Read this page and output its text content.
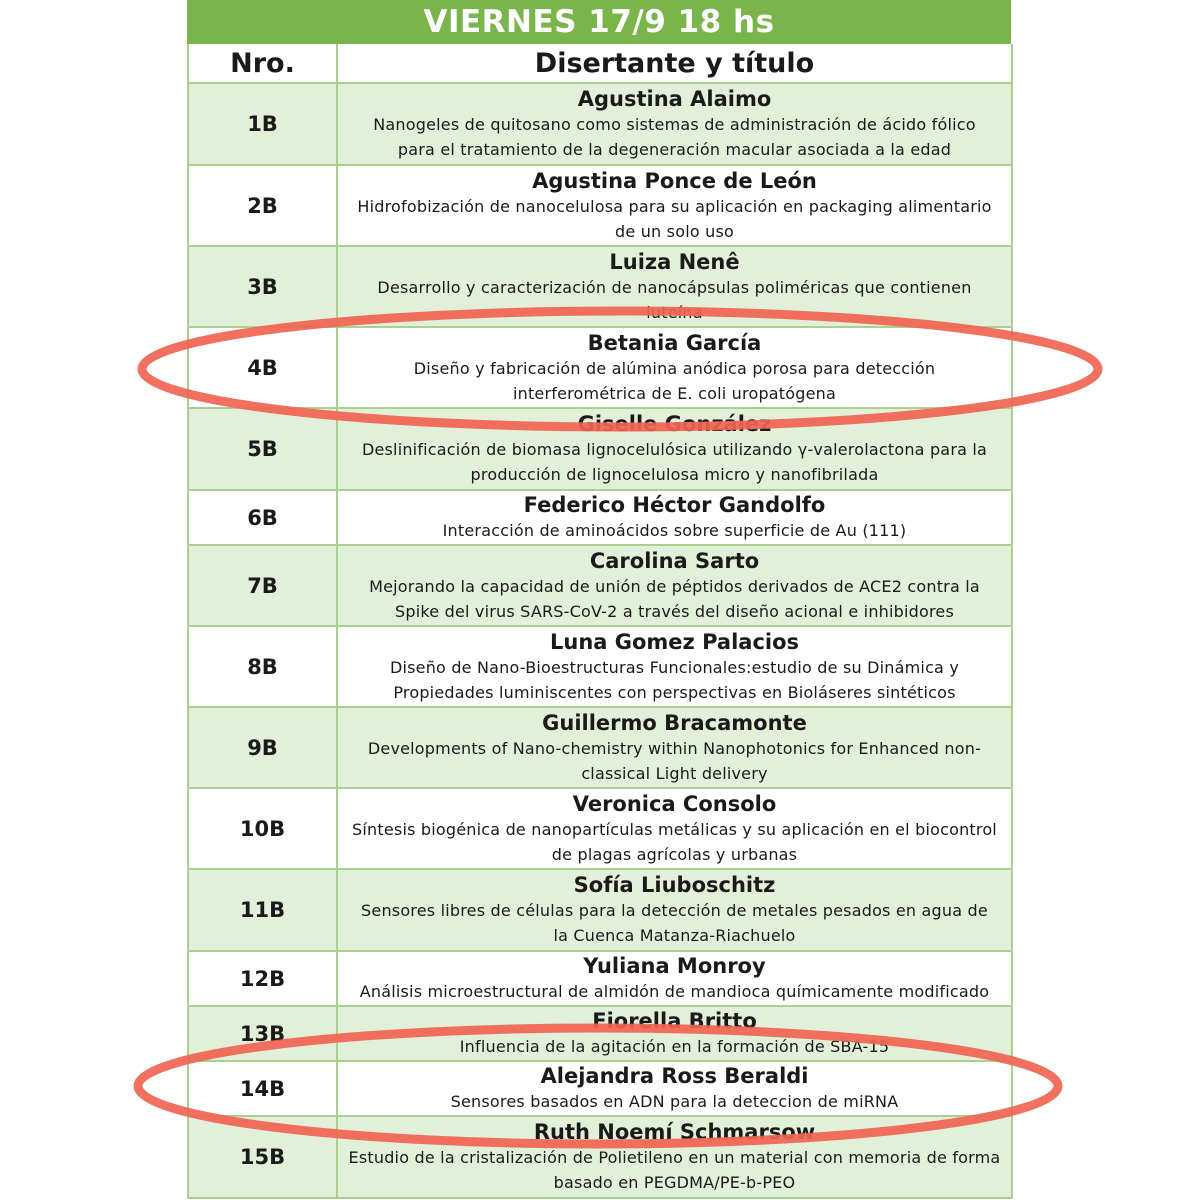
VIERNES 17/9 18 hs
Nro.	Disertante y título
1B
Agustina Alaimo
Nanogeles de quitosano como sistemas de administración de ácido fólico
para el tratamiento de la degeneración macular asociada a la edad
2B
Agustina Ponce de León
Hidrofobización de nanocelulosa para su aplicación en packaging alimentario
de un solo uso
3B
Luiza Nenê
Desarrollo y caracterización de nanocápsulas poliméricas que contienen
luteína
4B
Betania García
Diseño y fabricación de alúmina anódica porosa para detección
interferométrica de E. coli uropatógena
5B
Giselle González
Deslinificación de biomasa lignocelulósica utilizando γ-valerolactona para la
producción de lignocelulosa micro y nanofibrilada
6B
Federico Héctor Gandolfo
Interacción de aminoácidos sobre superficie de Au (111)
7B
Carolina Sarto
Mejorando la capacidad de unión de péptidos derivados de ACE2 contra la
Spike del virus SARS-CoV-2 a través del diseño acional e inhibidores
8B
Luna Gomez Palacios
Diseño de Nano-Bioestructuras Funcionales:estudio de su Dinámica y
Propiedades luminiscentes con perspectivas en Bioláseres sintéticos
9B
Guillermo Bracamonte
Developments of Nano-chemistry within Nanophotonics for Enhanced non-
classical Light delivery
10B
Veronica Consolo
Síntesis biogénica de nanopartículas metálicas y su aplicación en el biocontrol
de plagas agrícolas y urbanas
11B
Sofía Liuboschitz
Sensores libres de células para la detección de metales pesados en agua de
la Cuenca Matanza-Riachuelo
12B
Yuliana Monroy
Análisis microestructural de almidón de mandioca químicamente modificado
13B
Fiorella Britto
Influencia de la agitación en la formación de SBA-15
14B
Alejandra Ross Beraldi
Sensores basados en ADN para la deteccion de miRNA
15B
Ruth Noemí Schmarsow
Estudio de la cristalización de Polietileno en un material con memoria de forma
basado en PEGDMA/PE-b-PEO
